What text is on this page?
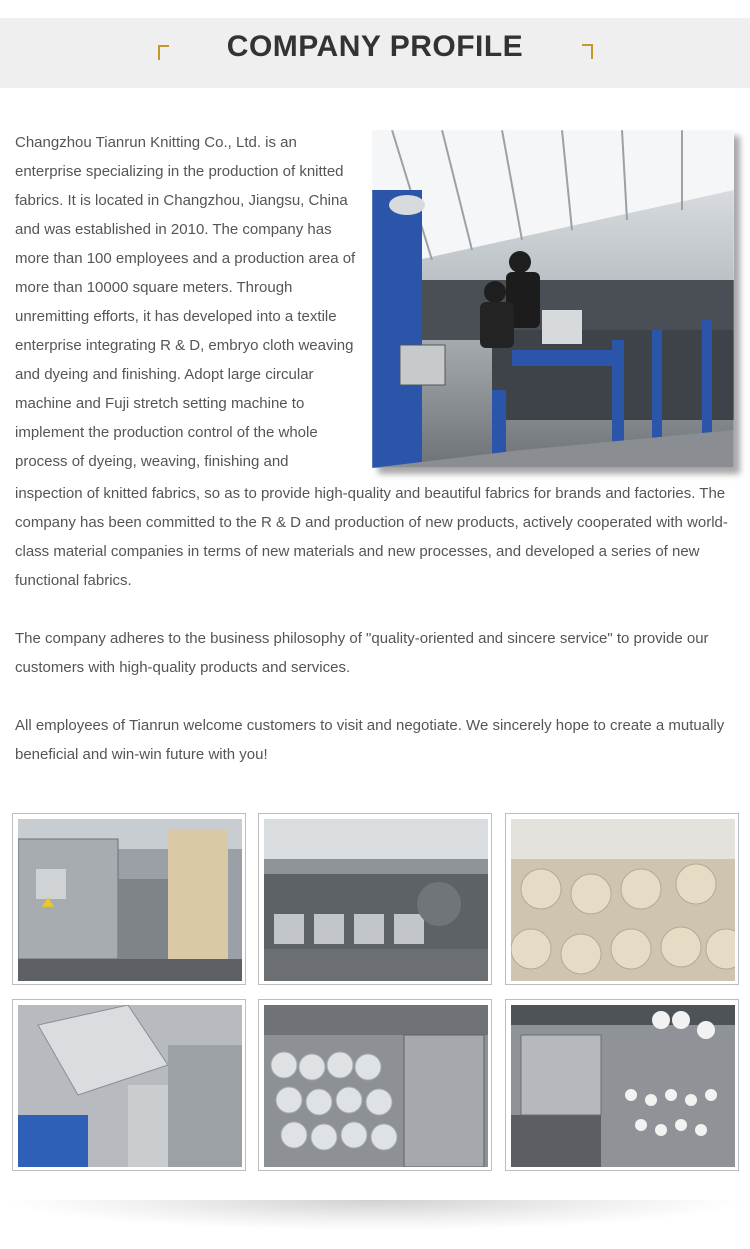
COMPANY PROFILE
Changzhou Tianrun Knitting Co., Ltd. is an enterprise specializing in the production of knitted fabrics. It is located in Changzhou, Jiangsu, China and was established in 2010. The company has more than 100 employees and a production area of more than 10000 square meters. Through unremitting efforts, it has developed into a textile enterprise integrating R & D, embryo cloth weaving and dyeing and finishing. Adopt large circular machine and Fuji stretch setting machine to implement the production control of the whole process of dyeing, weaving, finishing and
inspection of knitted fabrics, so as to provide high-quality and beautiful fabrics for brands and factories. The company has been committed to the R & D and production of new products, actively cooperated with world-class material companies in terms of new materials and new processes, and developed a series of new functional fabrics.
The company adheres to the business philosophy of "quality-oriented and sincere service" to provide our customers with high-quality products and services.
All employees of Tianrun welcome customers to visit and negotiate. We sincerely hope to create a mutually beneficial and win-win future with you!
